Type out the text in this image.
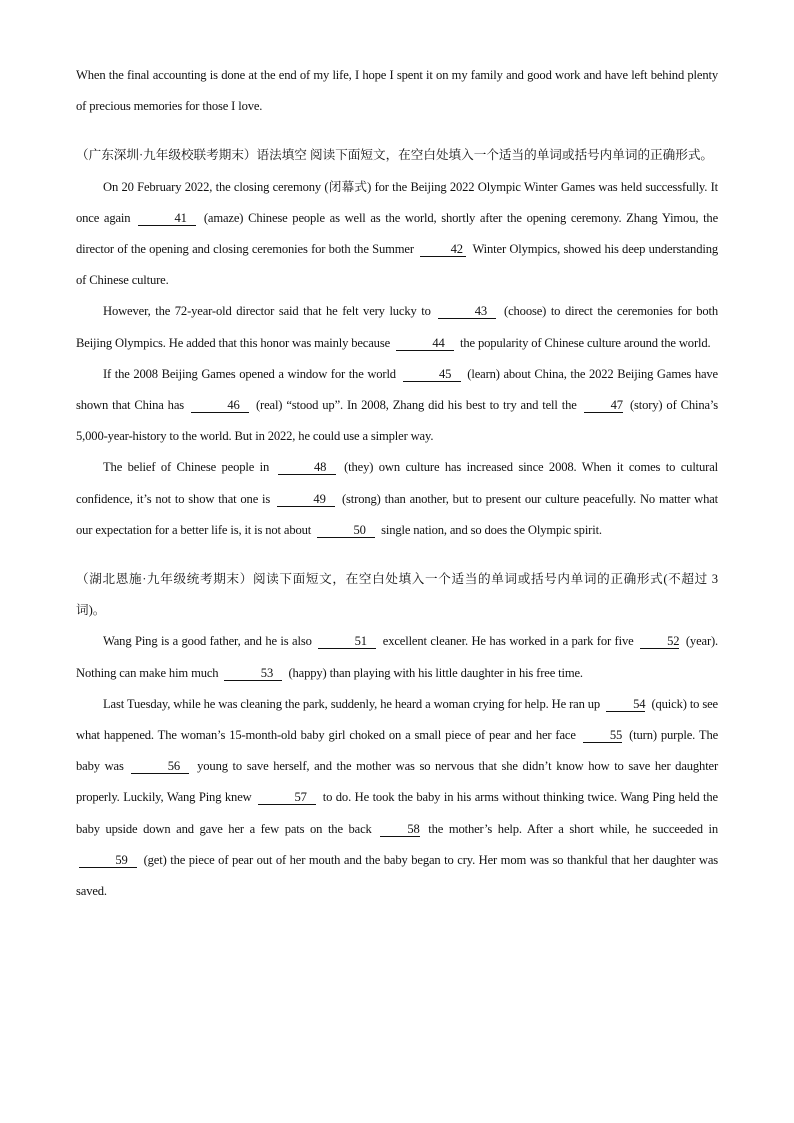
When the final accounting is done at the end of my life, I hope I spent it on my family and good work and have left behind plenty of precious memories for those I love.

（广东深圳·九年级校联考期末）语法填空 阅读下面短文，在空白处填入一个适当的单词或括号内单词的正确形式。

On 20 February 2022, the closing ceremony (闭幕式) for the Beijing 2022 Olympic Winter Games was held successfully. It once again	41 (amaze) Chinese people as well as the world, shortly after the opening ceremony. Zhang Yimou, the director of the opening and closing ceremonies for both the Summer	42 Winter Olympics, showed his deep understanding of Chinese culture.

However, the 72-year-old director said that he felt very lucky to	43 (choose) to direct the ceremonies for both Beijing Olympics. He added that this honor was mainly because	44 the popularity of Chinese culture around the world.

If the 2008 Beijing Games opened a window for the world	45 (learn) about China, the 2022 Beijing Games have shown that China has	46 (real) “stood up”. In 2008, Zhang did his best to try and tell the	47 (story) of China’s 5,000-year-history to the world. But in 2022, he could use a simpler way.

The belief of Chinese people in	48 (they) own culture has increased since 2008. When it comes to cultural confidence, it’s not to show that one is	49 (strong) than another, but to present our culture peacefully. No matter what our expectation for a better life is, it is not about	50 single nation, and so does the Olympic spirit.

（湖北恩施·九年级统考期末）阅读下面短文，在空白处填入一个适当的单词或括号内单词的正确形式(不超过 3 词)。

Wang Ping is a good father, and he is also	51 excellent cleaner. He has worked in a park for five	52 (year). Nothing can make him much	53 (happy) than playing with his little daughter in his free time.

Last Tuesday, while he was cleaning the park, suddenly, he heard a woman crying for help. He ran up	54 (quick) to see what happened. The woman’s 15-month-old baby girl choked on a small piece of pear and her face	55 (turn) purple. The baby was	56 young to save herself, and the mother was so nervous that she didn’t know how to save her daughter properly. Luckily, Wang Ping knew	57 to do. He took the baby in his arms without thinking twice. Wang Ping held the baby upside down and gave her a few pats on the back	58 the mother’s help. After a short while, he succeeded in 59 (get) the piece of pear out of her mouth and the baby began to cry. Her mom was so thankful that her daughter was saved.
